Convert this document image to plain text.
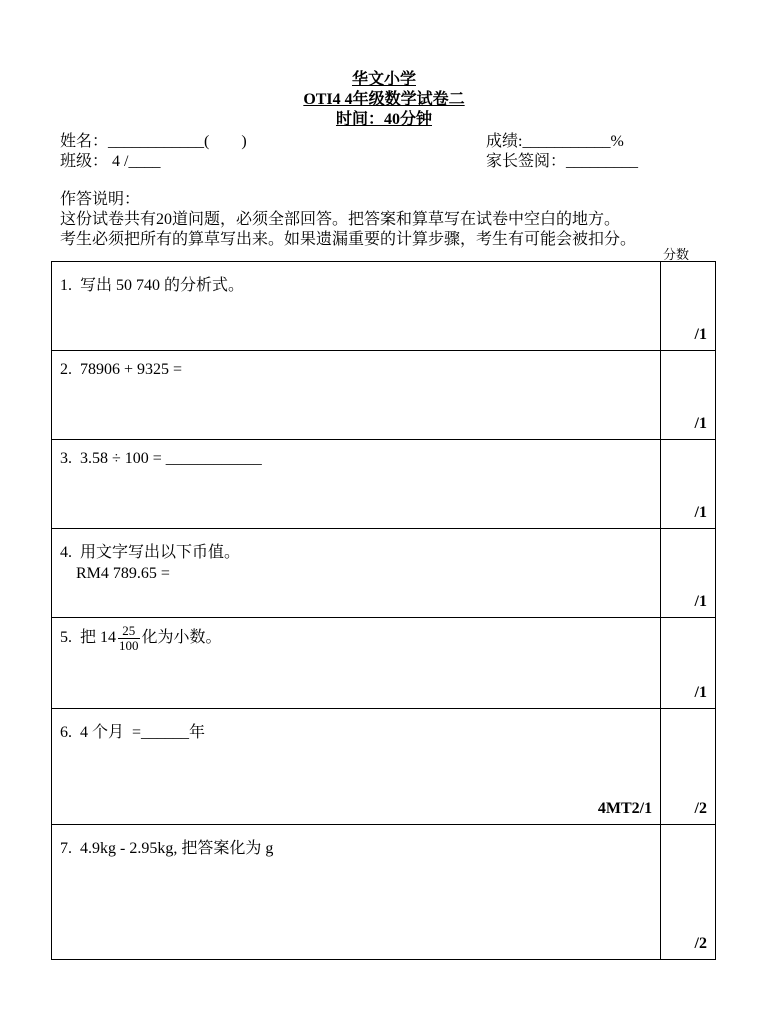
华文小学
OTI4 4年级数学试卷二
时间：40分钟
姓名：____________(        )	成绩:___________%
班级： 4 /____	家长签阅：_________
作答说明：
这份试卷共有20道问题，必须全部回答。把答案和算草写在试卷中空白的地方。
考生必须把所有的算草写出来。如果遗漏重要的计算步骤，考生有可能会被扣分。
分数
1.  写出 50 740 的分析式。	/1

2.  78906 + 9325 =	/1

3.  3.58 ÷ 100 = ____________	/1

4.  用文字写出以下币值。
RM4 789.65 =	/1

5.  把 $14 \frac{25}{100}$ 化为小数。	/1

6.  4 个月  =______年
4MT2/1	/2

7.  4.9kg - 2.95kg, 把答案化为 g	/2
